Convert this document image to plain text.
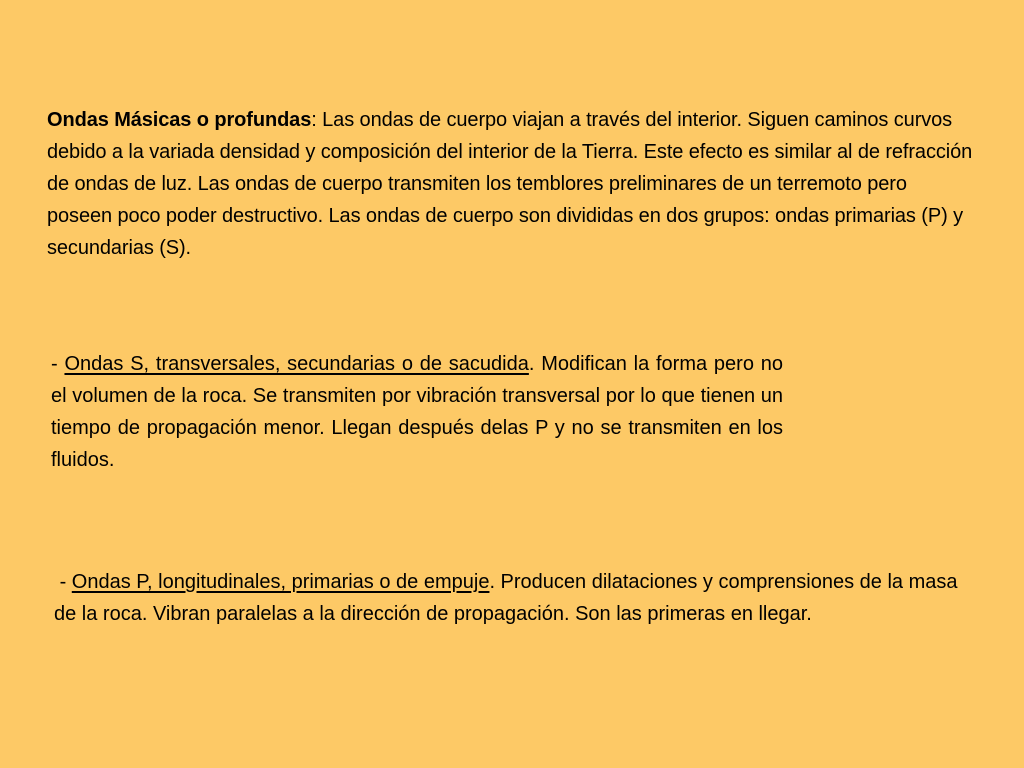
Ondas Másicas o profundas: Las ondas de cuerpo viajan a través del interior. Siguen caminos curvos debido a la variada densidad y composición del interior de la Tierra. Este efecto es similar al de refracción de ondas de luz. Las ondas de cuerpo transmiten los temblores preliminares de un terremoto pero poseen poco poder destructivo. Las ondas de cuerpo son divididas en dos grupos: ondas primarias (P) y secundarias (S).

- Ondas S, transversales, secundarias o de sacudida. Modifican la forma pero no el volumen de la roca. Se transmiten por vibración transversal por lo que tienen un tiempo de propagación menor. Llegan después delas P y no se transmiten en los fluidos.

- Ondas P, longitudinales, primarias o de empuje. Producen dilataciones y comprensiones de la masa de la roca. Vibran paralelas a la dirección de propagación. Son las primeras en llegar.
